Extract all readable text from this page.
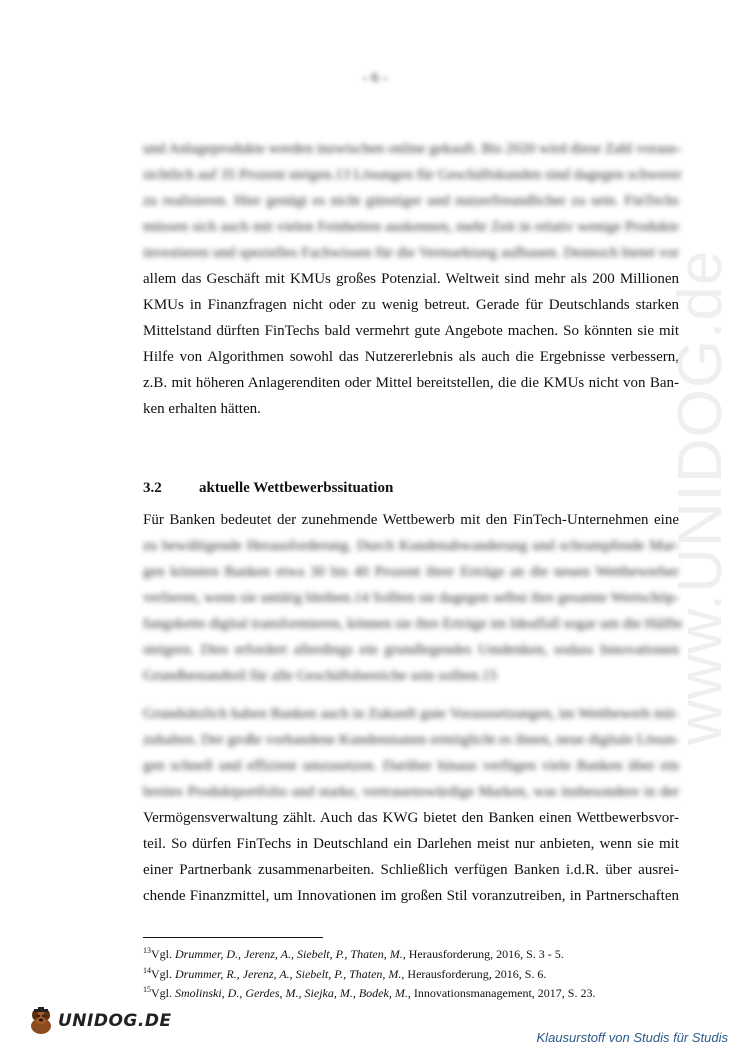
- 6 -
und Anlageprodukte werden inzwischen online gekauft. Bis 2020 wird diese Zahl voraus-
sichtlich auf 35 Prozent steigen.13 Lösungen für Geschäftskunden sind dagegen schwerer
zu realisieren. Hier genügt es nicht günstiger und nutzerfreundlicher zu sein. FinTechs
müssen sich auch mit vielen Feinheiten auskennen, mehr Zeit in relativ wenige Produkte
investieren und spezielles Fachwissen für die Vermarktung aufbauen. Dennoch bietet vor
allem das Geschäft mit KMUs großes Potenzial. Weltweit sind mehr als 200 Millionen
KMUs in Finanzfragen nicht oder zu wenig betreut. Gerade für Deutschlands starken
Mittelstand dürften FinTechs bald vermehrt gute Angebote machen. So könnten sie mit
Hilfe von Algorithmen sowohl das Nutzererlebnis als auch die Ergebnisse verbessern,
z.B. mit höheren Anlagerenditen oder Mittel bereitstellen, die die KMUs nicht von Ban-
ken erhalten hätten.
3.2 aktuelle Wettbewerbssituation
Für Banken bedeutet der zunehmende Wettbewerb mit den FinTech-Unternehmen eine
zu bewältigende Herausforderung. Durch Kundenabwanderung und schrumpfende Mar-
gen könnten Banken etwa 30 bis 40 Prozent ihrer Erträge an die neuen Wettbewerber
verlieren, wenn sie untätig bleiben.14 Sollten sie dagegen selbst ihre gesamte Wertschöp-
fungskette digital transformieren, können sie ihre Erträge im Idealfall sogar um die Hälfte
steigern. Dies erfordert allerdings ein grundlegendes Umdenken, sodass Innovationen
Grundbestandteil für alle Geschäftsbereiche sein sollten.15
Grundsätzlich haben Banken auch in Zukunft gute Voraussetzungen, im Wettbewerb mit-
zuhalten. Der große vorhandene Kundenstamm ermöglicht es ihnen, neue digitale Lösun-
gen schnell und effizient umzusetzen. Darüber hinaus verfügen viele Banken über ein
breites Produktportfolio und starke, vertrauenswürdige Marken, was insbesondere in der
Vermögensverwaltung zählt. Auch das KWG bietet den Banken einen Wettbewerbsvor-
teil. So dürfen FinTechs in Deutschland ein Darlehen meist nur anbieten, wenn sie mit
einer Partnerbank zusammenarbeiten. Schließlich verfügen Banken i.d.R. über ausrei-
chende Finanzmittel, um Innovationen im großen Stil voranzutreiben, in Partnerschaften
$^{13}$Vgl. Drummer, D., Jerenz, A., Siebelt, P., Thaten, M., Herausforderung, 2016, S. 3 - 5.
$^{14}$Vgl. Drummer, R., Jerenz, A., Siebelt, P., Thaten, M., Herausforderung, 2016, S. 6.
$^{15}$Vgl. Smolinski, D., Gerdes, M., Siejka, M., Bodek, M., Innovationsmanagement, 2017, S. 23.
www.UNIDOG.de
UNIDOG.DE
Klausurstoff von Studis für Studis
